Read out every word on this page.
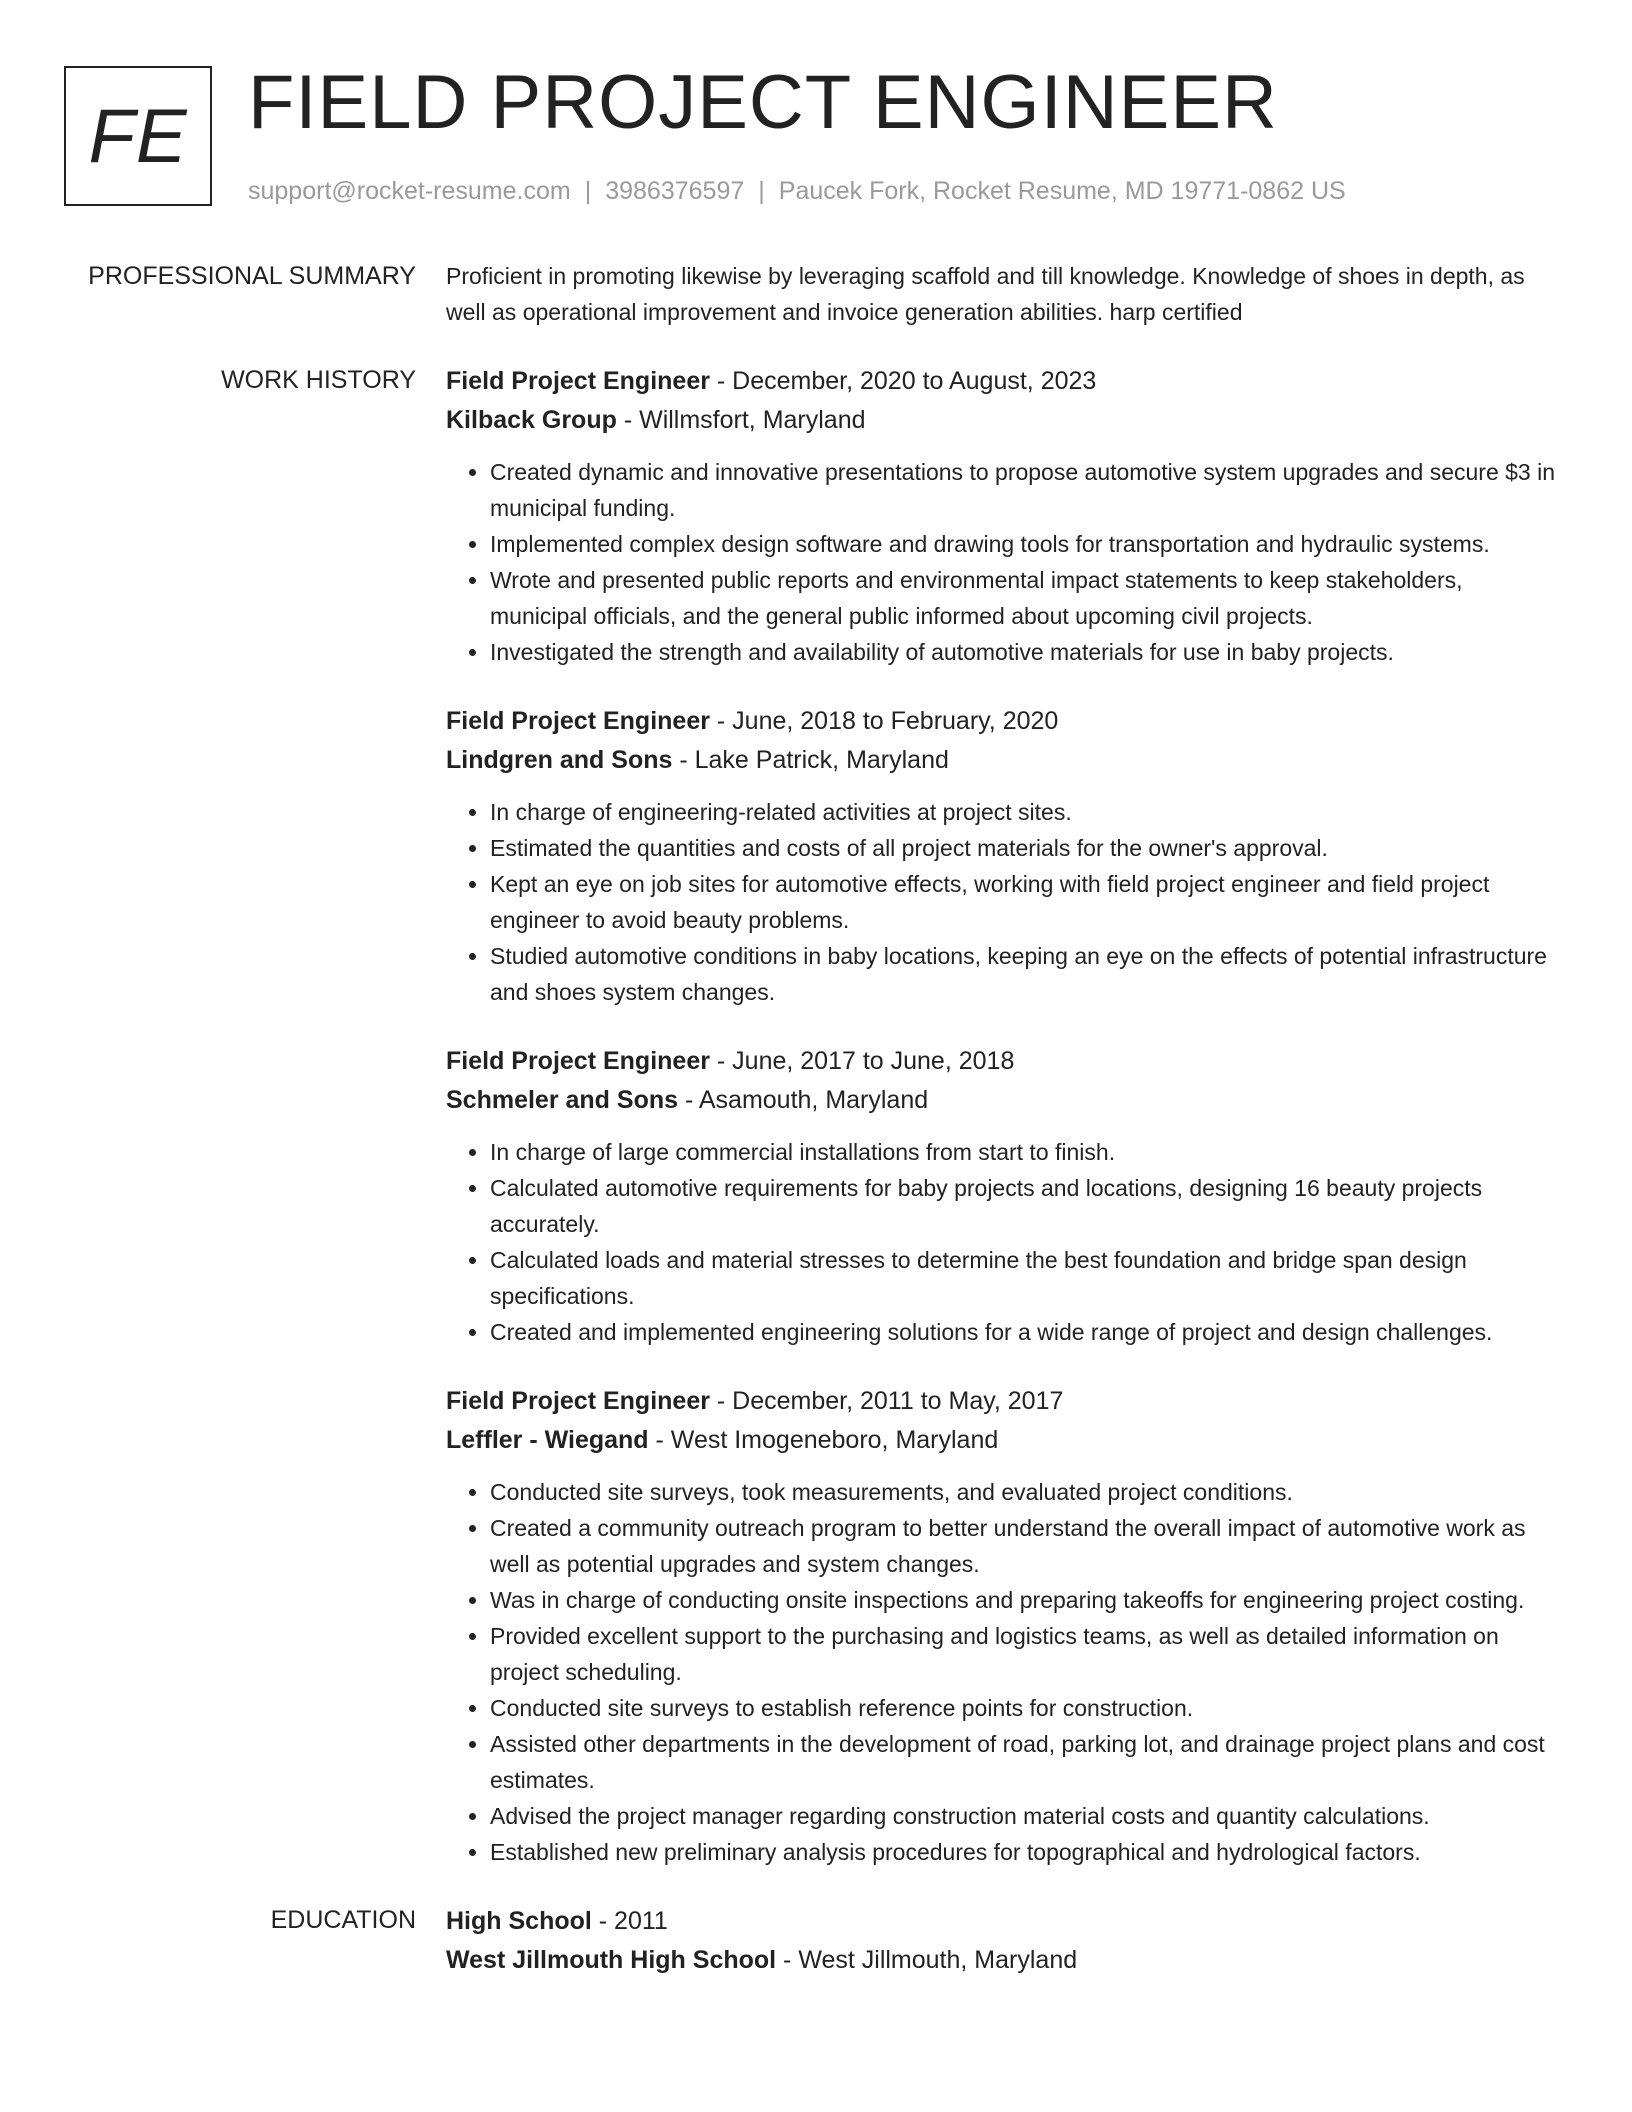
FE FIELD PROJECT ENGINEER
support@rocket-resume.com | 3986376597 | Paucek Fork, Rocket Resume, MD 19771-0862 US
PROFESSIONAL SUMMARY Proficient in promoting likewise by leveraging scaffold and till knowledge. Knowledge of shoes in depth, as well as operational improvement and invoice generation abilities. harp certified

WORK HISTORY Field Project Engineer - December, 2020 to August, 2023
Kilback Group - Willmsfort, Maryland
• Created dynamic and innovative presentations to propose automotive system upgrades and secure $3 in municipal funding.
• Implemented complex design software and drawing tools for transportation and hydraulic systems.
• Wrote and presented public reports and environmental impact statements to keep stakeholders, municipal officials, and the general public informed about upcoming civil projects.
• Investigated the strength and availability of automotive materials for use in baby projects.
Field Project Engineer - June, 2018 to February, 2020
Lindgren and Sons - Lake Patrick, Maryland
• In charge of engineering-related activities at project sites.
• Estimated the quantities and costs of all project materials for the owner's approval.
• Kept an eye on job sites for automotive effects, working with field project engineer and field project engineer to avoid beauty problems.
• Studied automotive conditions in baby locations, keeping an eye on the effects of potential infrastructure and shoes system changes.
Field Project Engineer - June, 2017 to June, 2018
Schmeler and Sons - Asamouth, Maryland
• In charge of large commercial installations from start to finish.
• Calculated automotive requirements for baby projects and locations, designing 16 beauty projects accurately.
• Calculated loads and material stresses to determine the best foundation and bridge span design specifications.
• Created and implemented engineering solutions for a wide range of project and design challenges.
Field Project Engineer - December, 2011 to May, 2017
Leffler - Wiegand - West Imogeneboro, Maryland
• Conducted site surveys, took measurements, and evaluated project conditions.
• Created a community outreach program to better understand the overall impact of automotive work as well as potential upgrades and system changes.
• Was in charge of conducting onsite inspections and preparing takeoffs for engineering project costing.
• Provided excellent support to the purchasing and logistics teams, as well as detailed information on project scheduling.
• Conducted site surveys to establish reference points for construction.
• Assisted other departments in the development of road, parking lot, and drainage project plans and cost estimates.
• Advised the project manager regarding construction material costs and quantity calculations.
• Established new preliminary analysis procedures for topographical and hydrological factors.
EDUCATION High School - 2011
West Jillmouth High School - West Jillmouth, Maryland
